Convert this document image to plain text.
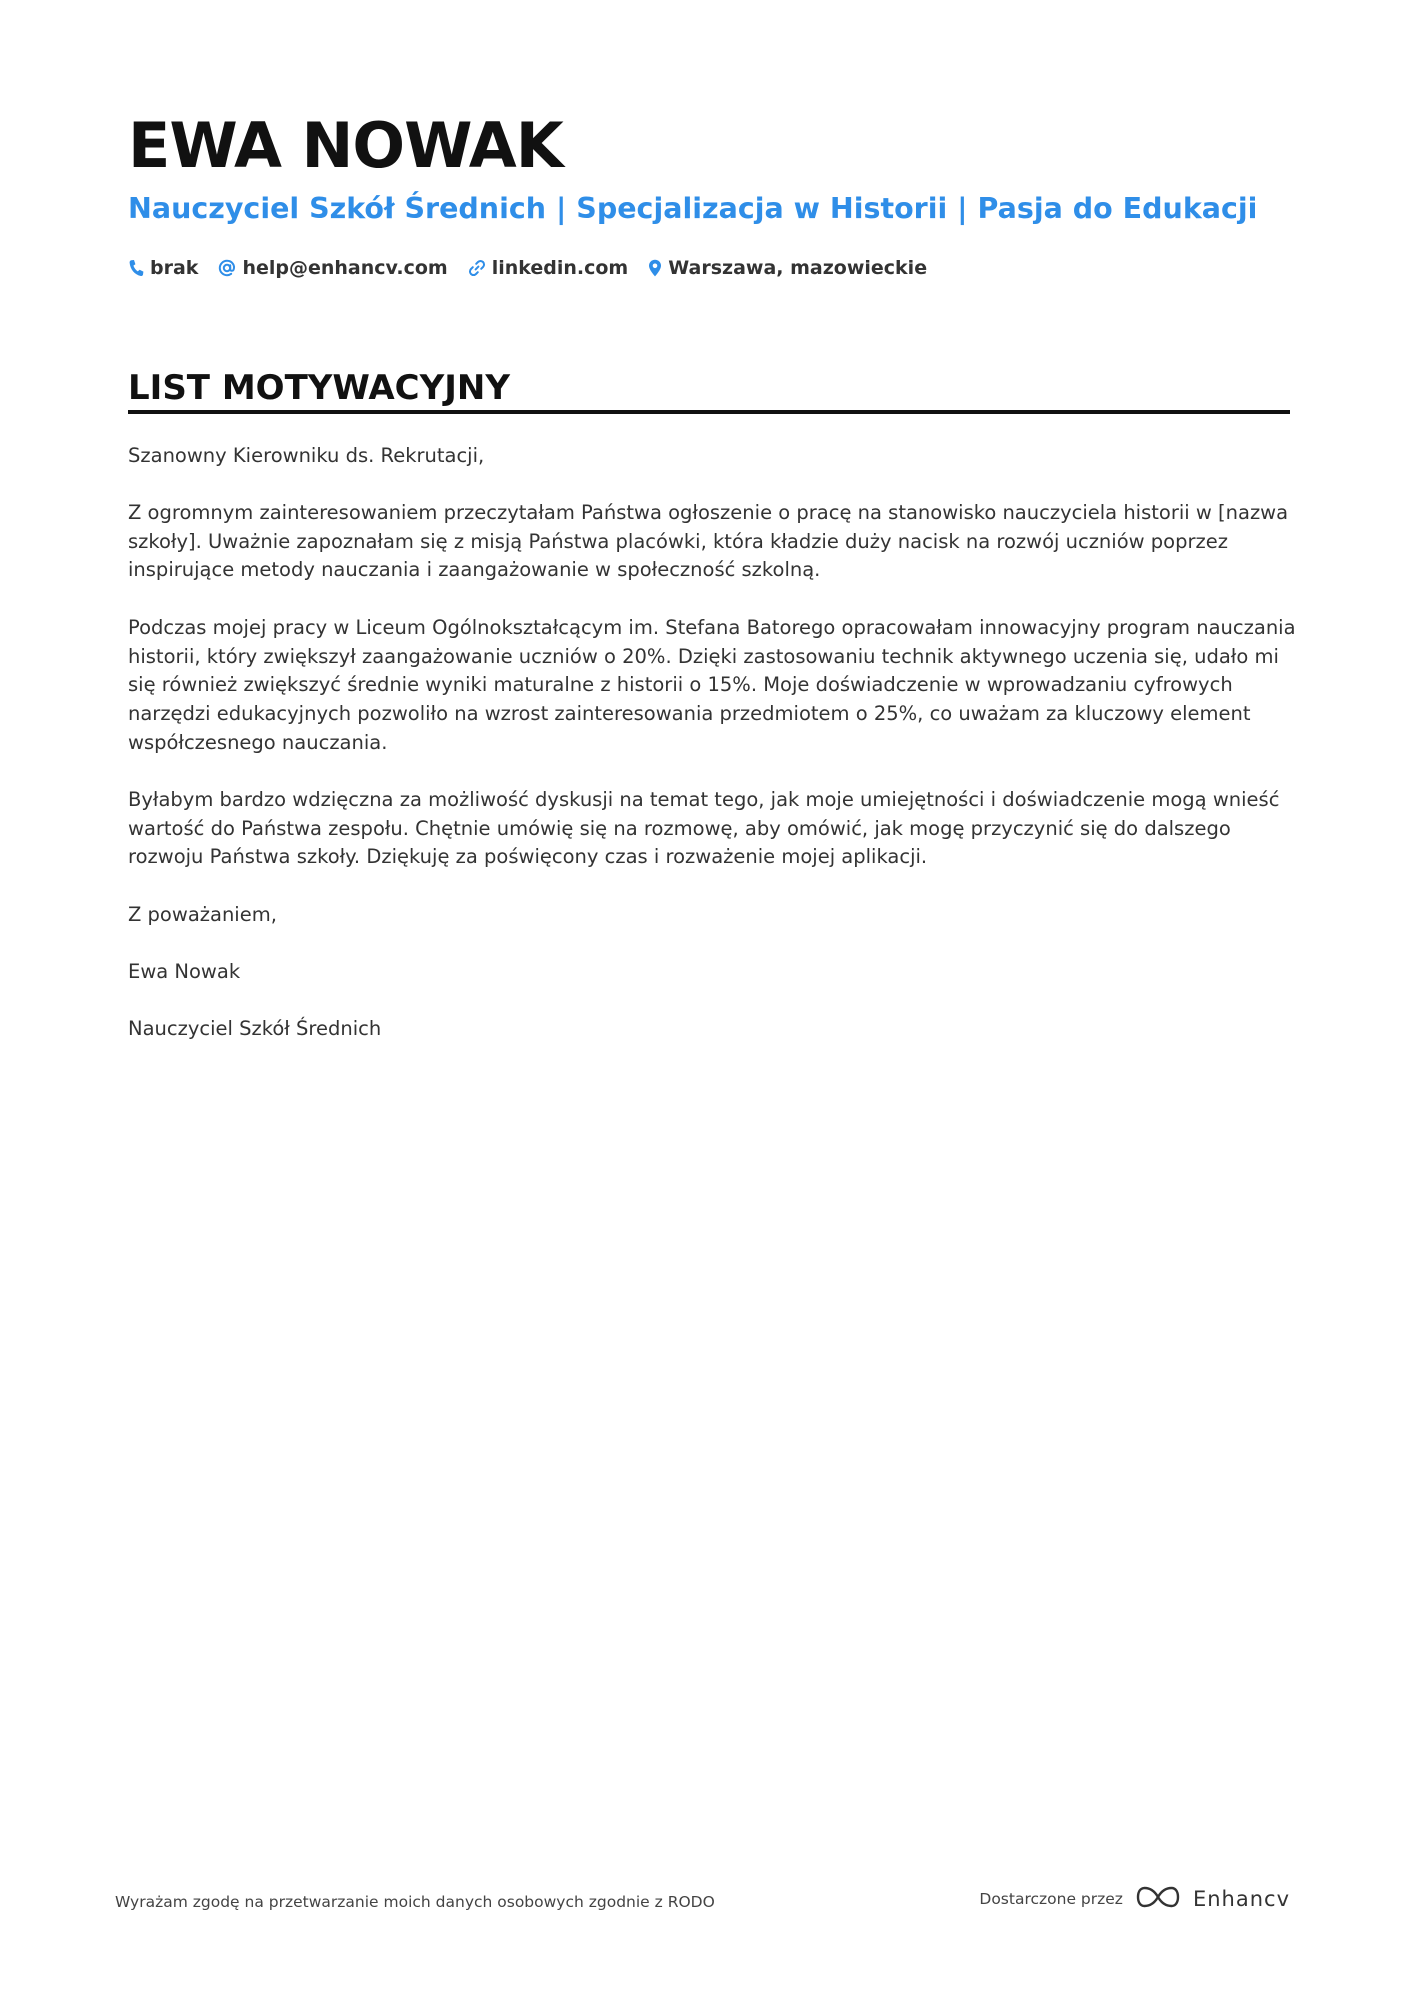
EWA NOWAK
Nauczyciel Szkół Średnich | Specjalizacja w Historii | Pasja do Edukacji
brak help@enhancv.com linkedin.com Warszawa, mazowieckie
LIST MOTYWACYJNY

Szanowny Kierowniku ds. Rekrutacji,

Z ogromnym zainteresowaniem przeczytałam Państwa ogłoszenie o pracę na stanowisko nauczyciela historii w [nazwa szkoły]. Uważnie zapoznałam się z misją Państwa placówki, która kładzie duży nacisk na rozwój uczniów poprzez inspirujące metody nauczania i zaangażowanie w społeczność szkolną.

Podczas mojej pracy w Liceum Ogólnokształcącym im. Stefana Batorego opracowałam innowacyjny program nauczania historii, który zwiększył zaangażowanie uczniów o 20%. Dzięki zastosowaniu technik aktywnego uczenia się, udało mi się również zwiększyć średnie wyniki maturalne z historii o 15%. Moje doświadczenie w wprowadzaniu cyfrowych narzędzi edukacyjnych pozwoliło na wzrost zainteresowania przedmiotem o 25%, co uważam za kluczowy element współczesnego nauczania.

Byłabym bardzo wdzięczna za możliwość dyskusji na temat tego, jak moje umiejętności i doświadczenie mogą wnieść wartość do Państwa zespołu. Chętnie umówię się na rozmowę, aby omówić, jak mogę przyczynić się do dalszego rozwoju Państwa szkoły. Dziękuję za poświęcony czas i rozważenie mojej aplikacji.

Z poważaniem,

Ewa Nowak

Nauczyciel Szkół Średnich

Wyrażam zgodę na przetwarzanie moich danych osobowych zgodnie z RODO	Dostarczone przez	Enhancv
